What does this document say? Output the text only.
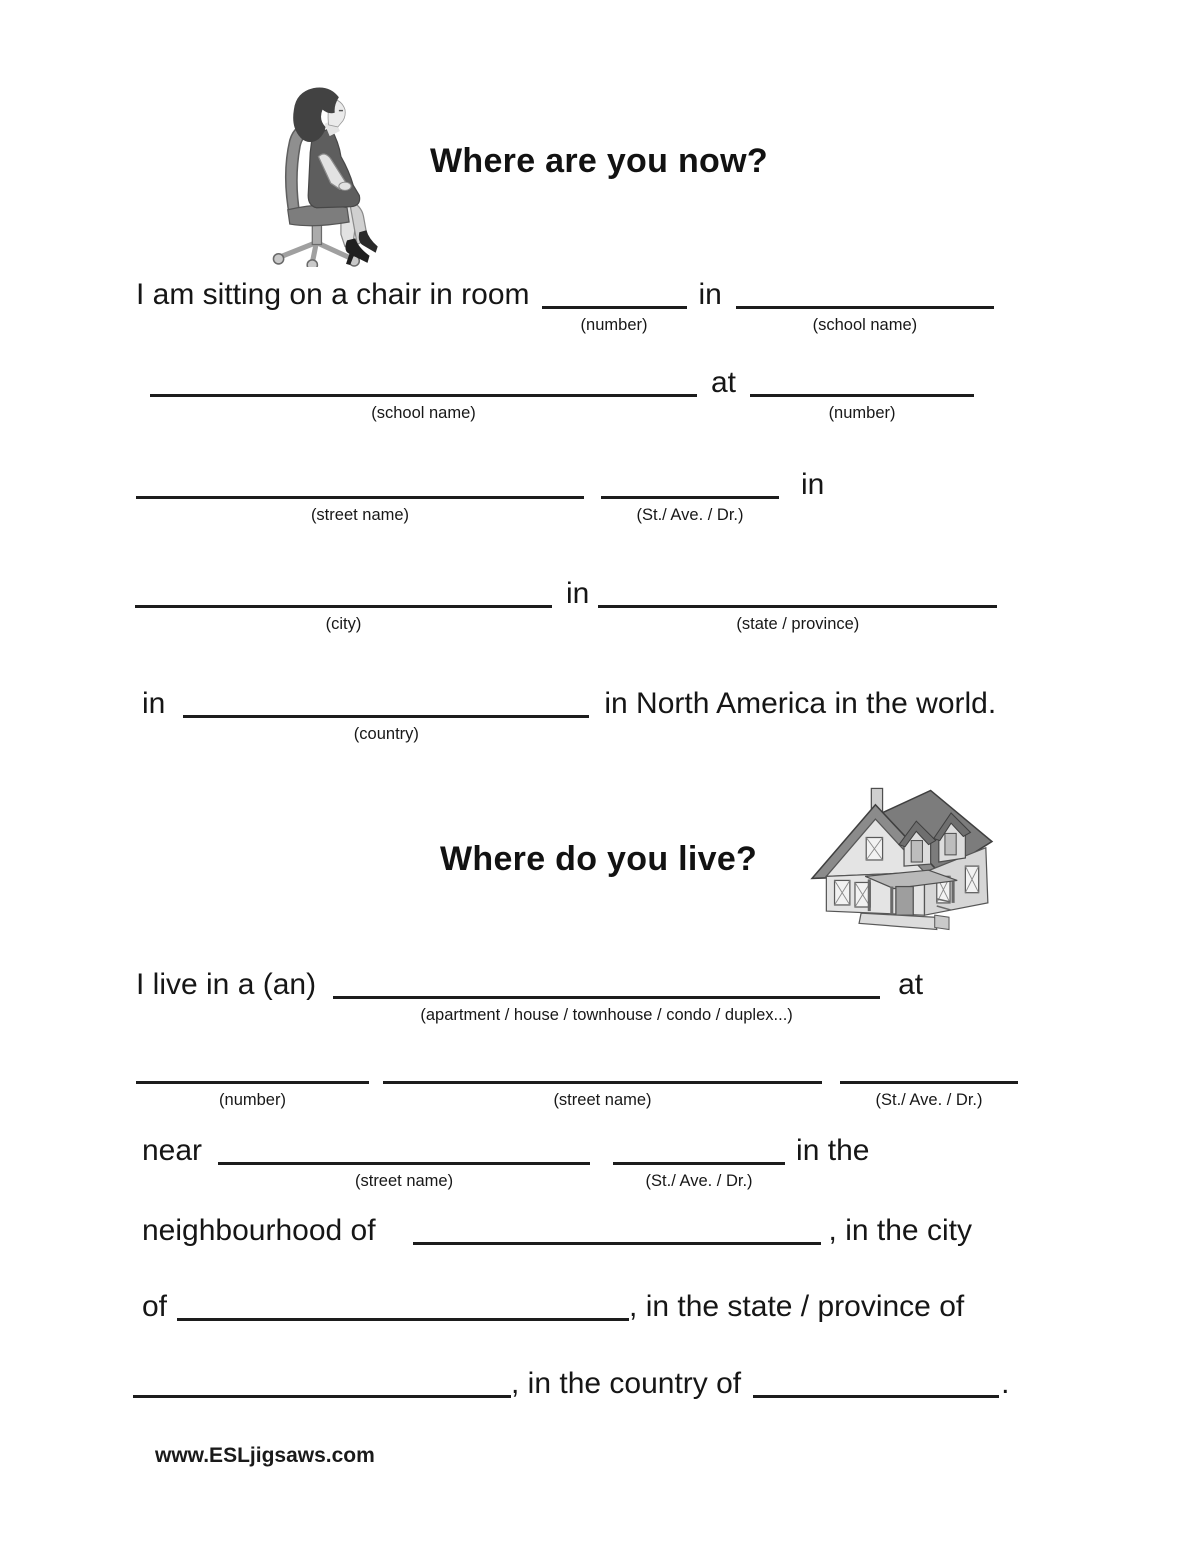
Where are you now?
I am sitting on a chair in room
(number)
in
(school name)
(school name)
at
(number)
(street name)	(St./ Ave. / Dr.)
in
(city)
in
(state / province)
in
(country)
in North America in the world.
Where do you live?
I live in a (an)
(apartment / house / townhouse / condo / duplex...)
at
(number)	(street name)	(St./ Ave. / Dr.)
near
(street name)	(St./ Ave. / Dr.)
in the
neighbourhood of	, in the city
of	, in the state / province of
, in the country of	.
www.ESLjigsaws.com
